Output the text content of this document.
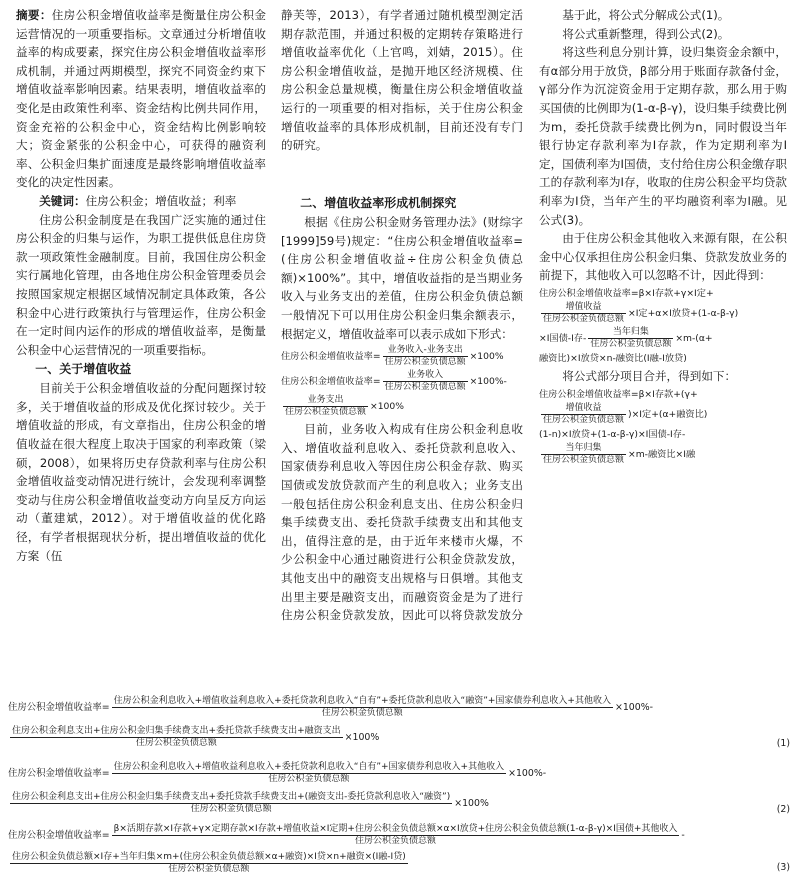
摘要：住房公积金增值收益率是衡量住房公积金运营情况的一项重要指标。文章通过分析增值收益率的构成要素，探究住房公积金增值收益率形成机制，并通过两期模型，探究不同资金约束下增值收益率影响因素。结果表明，增值收益率的变化是由政策性利率、资金结构比例共同作用，资金充裕的公积金中心，资金结构比例影响较大；资金紧张的公积金中心，可获得的融资利率、公积金归集扩面速度是最终影响增值收益率变化的决定性因素。

关键词：住房公积金；增值收益；利率

住房公积金制度是在我国广泛实施的通过住房公积金的归集与运作，为职工提供低息住房贷款一项政策性金融制度。目前，我国住房公积金实行属地化管理，由各地住房公积金管理委员会按照国家规定根据区域情况制定具体政策，各公积金中心进行政策执行与管理运作，住房公积金在一定时间内运作的形成的增值收益率，是衡量公积金中心运营情况的一项重要指标。

一、关于增值收益

目前关于公积金增值收益的分配问题探讨较多，关于增值收益的形成及优化探讨较少。关于增值收益的形成，有文章指出，住房公积金的增值收益在很大程度上取决于国家的利率政策（梁硕，2008），如果将历史存贷款利率与住房公积金增值收益变动情况进行统计，会发现利率调整变动与住房公积金增值收益变动方向呈反方向运动（董建斌，2012）。对于增值收益的优化路径，有学者根据现状分析，提出增值收益的优化方案（伍

静芙等，2013），有学者通过随机模型测定活期存款范围，并通过积极的定期转存策略进行增值收益率优化（上官鸣，刘婧，2015）。住房公积金增值收益，是抛开地区经济规模、住房公积金总量规模，衡量住房公积金增值收益运行的一项重要的相对指标，关于住房公积金增值收益率的具体形成机制，目前还没有专门的研究。

二、增值收益率形成机制探究

根据《住房公积金财务管理办法》(财综字[1999]59号)规定：“住房公积金增值收益率=(住房公积金增值收益÷住房公积金负债总额)×100%”。其中，增值收益指的是当期业务收入与业务支出的差值，住房公积金负债总额一般情况下可以用住房公积金归集余额表示，根据定义，增值收益率可以表示成如下形式：

住房公积金增值收益率= $\frac{\text{业务收入-业务支出}}{\text{住房公积金负债总额}} \times 100\%$
住房公积金增值收益率= $\frac{\text{业务收入}}{\text{住房公积金负债总额}} \times 100\%-$
$\frac{\text{业务支出}}{\text{住房公积金负债总额}} \times 100\%$

目前，业务收入构成有住房公积金利息收入、增值收益利息收入、委托贷款利息收入、国家债券利息收入等因住房公积金存款、购买国债或发放贷款而产生的利息收入；业务支出一般包括住房公积金利息支出、住房公积金归集手续费支出、委托贷款手续费支出和其他支出，值得注意的是，由于近年来楼市火爆，不少公积金中心通过融资进行公积金贷款发放，其他支出中的融资支出规格与日俱增。其他支出里主要是融资支出，而融资资金是为了进行住房公积金贷款发放，因此可以将贷款发放分

基于此，将公式分解成公式(1)。

将公式重新整理，得到公式(2)。

将这些利息分别计算，设归集资金余额中，有α部分用于放贷，β部分用于账面存款备付金，γ部分作为沉淀资金用于定期存款，那么用于购买国债的比例即为(1-α-β-γ)，设归集手续费比例为m，委托贷款手续费比例为n，同时假设当年银行协定存款利率为I存款，作为定期利率为I定，国债利率为I国债，支付给住房公积金缴存职工的存款利率为I存，收取的住房公积金平均贷款利率为I贷，当年产生的平均融资利率为I融。见公式(3)。

由于住房公积金其他收入来源有限，在公积金中心仅承担住房公积金归集、贷款发放业务的前提下，其他收入可以忽略不计，因此得到：

住房公积金增值收益率=β×I存款+γ×I定+
$\frac{\text{增值收益}}{\text{住房公积金负债总额}} \times I$定+α×I放贷+(1-α-β-γ)
×I国债-I存- $\frac{\text{当年归集}}{\text{住房公积金负债总额}} \times m-(\alpha+$
融资比)×I放贷×n-融资比(I融-I放贷)

将公式部分项目合并，得到如下：

住房公积金增值收益率=β×I存款+(γ+
$\frac{\text{增值收益}}{\text{住房公积金负债总额}} )\times I$定+(α+融资比)
(1-n)×I放贷+(1-α-β-γ)×I国债-I存-
$\frac{\text{当年归集}}{\text{住房公积金负债总额}} \times m-$融资比×I融
住房公积金增值收益率= $\frac{\text{住房公积金利息收入+增值收益利息收入+委托贷款利息收入“自有”+委托贷款利息收入“融资”+国家债券利息收入+其他收入}}{\text{住房公积金负债总额}} \times 100\%-$
$\frac{\text{住房公积金利息支出+住房公积金归集手续费支出+委托贷款手续费支出+融资支出}}{\text{住房公积金负债总额}} \times 100\%$
(1)
住房公积金增值收益率= $\frac{\text{住房公积金利息收入+增值收益利息收入+委托贷款利息收入“自有”+国家债券利息收入+其他收入}}{\text{住房公积金负债总额}} \times 100\%-$
$\frac{\text{住房公积金利息支出+住房公积金归集手续费支出+委托贷款手续费支出+(融资支出-委托贷款利息收入“融资”)}}{\text{住房公积金负债总额}} \times 100\%$
(2)
住房公积金增值收益率=
β×活期存款×I存款+γ×定期存款×I存款+增值收益×I定期+住房公积金负债总额×α×I放贷+住房公积金负债总额(1-α-β-γ)×I国债+其他收入
住房公积金负债总额	-
$\frac{\text{住房公积金负债总额×I存+当年归集×m+(住房公积金负债总额×α+融资)×I贷×n+融资×(I融-I贷)}}{\text{住房公积金负债总额}}$	(3)
